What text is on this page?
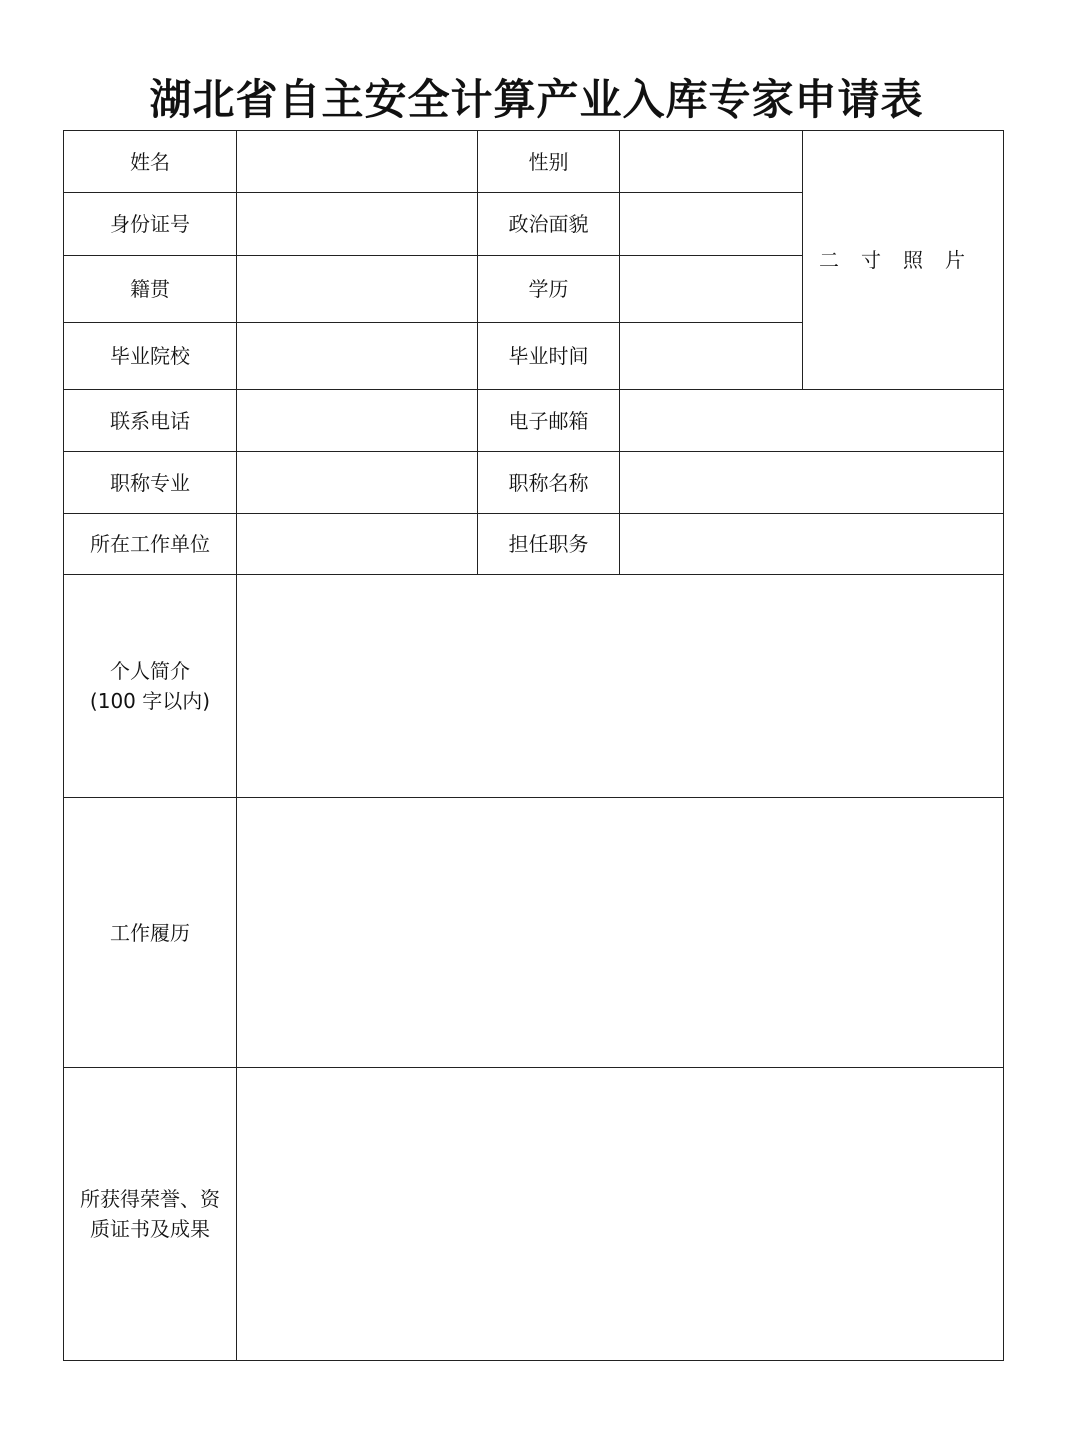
湖北省自主安全计算产业入库专家申请表
姓名		性别		二寸照片
身份证号		政治面貌		
籍贯		学历		
毕业院校		毕业时间		
联系电话		电子邮箱		
职称专业		职称名称		
所在工作单位		担任职务		

个人简介
(100 字以内)				

工作履历				

所获得荣誉、资
质证书及成果				
